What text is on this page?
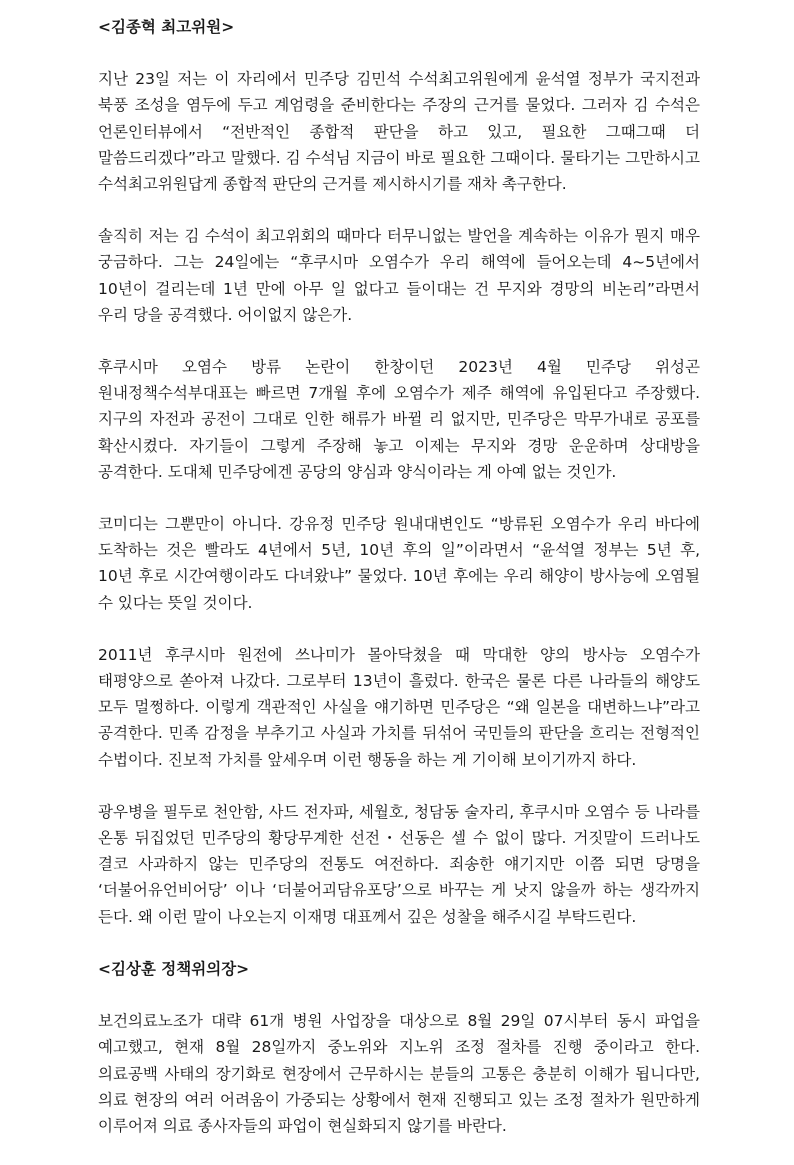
<김종혁 최고위원>

지난 23일 저는 이 자리에서 민주당 김민석 수석최고위원에게 윤석열 정부가 국지전과 북풍 조성을 염두에 두고 계엄령을 준비한다는 주장의 근거를 물었다. 그러자 김 수석은 언론인터뷰에서 “전반적인 종합적 판단을 하고 있고, 필요한 그때그때 더 말씀드리겠다”라고 말했다. 김 수석님 지금이 바로 필요한 그때이다. 물타기는 그만하시고 수석최고위원답게 종합적 판단의 근거를 제시하시기를 재차 촉구한다.

솔직히 저는 김 수석이 최고위회의 때마다 터무니없는 발언을 계속하는 이유가 뭔지 매우 궁금하다. 그는 24일에는 “후쿠시마 오염수가 우리 해역에 들어오는데 4~5년에서 10년이 걸리는데 1년 만에 아무 일 없다고 들이대는 건 무지와 경망의 비논리”라면서 우리 당을 공격했다. 어이없지 않은가.

후쿠시마 오염수 방류 논란이 한창이던 2023년 4월 민주당 위성곤 원내정책수석부대표는 빠르면 7개월 후에 오염수가 제주 해역에 유입된다고 주장했다. 지구의 자전과 공전이 그대로 인한 해류가 바뀔 리 없지만, 민주당은 막무가내로 공포를 확산시켰다. 자기들이 그렇게 주장해 놓고 이제는 무지와 경망 운운하며 상대방을 공격한다. 도대체 민주당에겐 공당의 양심과 양식이라는 게 아예 없는 것인가.

코미디는 그뿐만이 아니다. 강유정 민주당 원내대변인도 “방류된 오염수가 우리 바다에 도착하는 것은 빨라도 4년에서 5년, 10년 후의 일”이라면서 “윤석열 정부는 5년 후, 10년 후로 시간여행이라도 다녀왔냐” 물었다. 10년 후에는 우리 해양이 방사능에 오염될 수 있다는 뜻일 것이다.

2011년 후쿠시마 원전에 쓰나미가 몰아닥쳤을 때 막대한 양의 방사능 오염수가 태평양으로 쏟아져 나갔다. 그로부터 13년이 흘렀다. 한국은 물론 다른 나라들의 해양도 모두 멀쩡하다. 이렇게 객관적인 사실을 얘기하면 민주당은 “왜 일본을 대변하느냐”라고 공격한다. 민족 감정을 부추기고 사실과 가치를 뒤섞어 국민들의 판단을 흐리는 전형적인 수법이다. 진보적 가치를 앞세우며 이런 행동을 하는 게 기이해 보이기까지 하다.

광우병을 필두로 천안함, 사드 전자파, 세월호, 청담동 술자리, 후쿠시마 오염수 등 나라를 온통 뒤집었던 민주당의 황당무계한 선전・선동은 셀 수 없이 많다. 거짓말이 드러나도 결코 사과하지 않는 민주당의 전통도 여전하다. 죄송한 얘기지만 이쯤 되면 당명을 ‘더불어유언비어당’ 이나 ‘더불어괴담유포당’으로 바꾸는 게 낫지 않을까 하는 생각까지 든다. 왜 이런 말이 나오는지 이재명 대표께서 깊은 성찰을 해주시길 부탁드린다.

<김상훈 정책위의장>

보건의료노조가 대략 61개 병원 사업장을 대상으로 8월 29일 07시부터 동시 파업을 예고했고, 현재 8월 28일까지 중노위와 지노위 조정 절차를 진행 중이라고 한다. 의료공백 사태의 장기화로 현장에서 근무하시는 분들의 고통은 충분히 이해가 됩니다만, 의료 현장의 여러 어려움이 가중되는 상황에서 현재 진행되고 있는 조정 절차가 원만하게 이루어져 의료 종사자들의 파업이 현실화되지 않기를 바란다.
